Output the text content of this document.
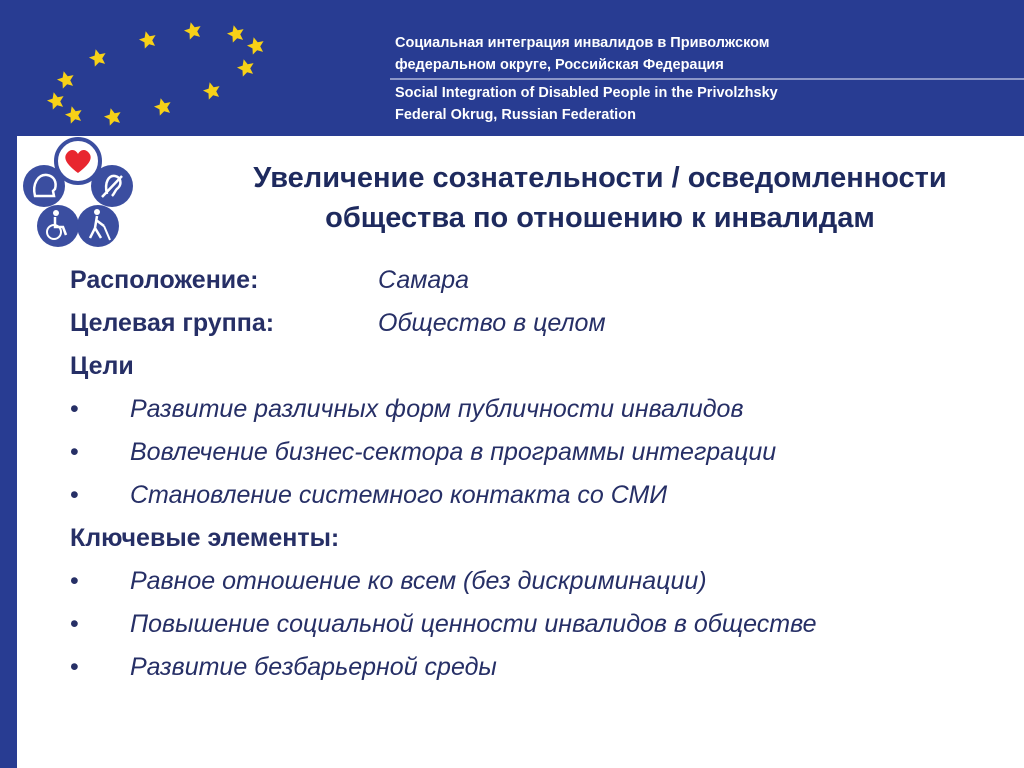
Социальная интеграция инвалидов в Приволжском
федеральном округе, Российская Федерация
Social Integration of Disabled People in the Privolzhsky
Federal Okrug, Russian Federation
Увеличение сознательности / осведомленности
общества по отношению к инвалидам
Расположение:	Самара
Целевая группа:	Общество в целом
Цели
• Развитие различных форм публичности инвалидов
• Вовлечение бизнес-сектора в программы интеграции
• Становление системного контакта со СМИ
Ключевые элементы:
• Равное отношение ко всем (без дискриминации)
• Повышение социальной ценности инвалидов в обществе
• Развитие безбарьерной среды
